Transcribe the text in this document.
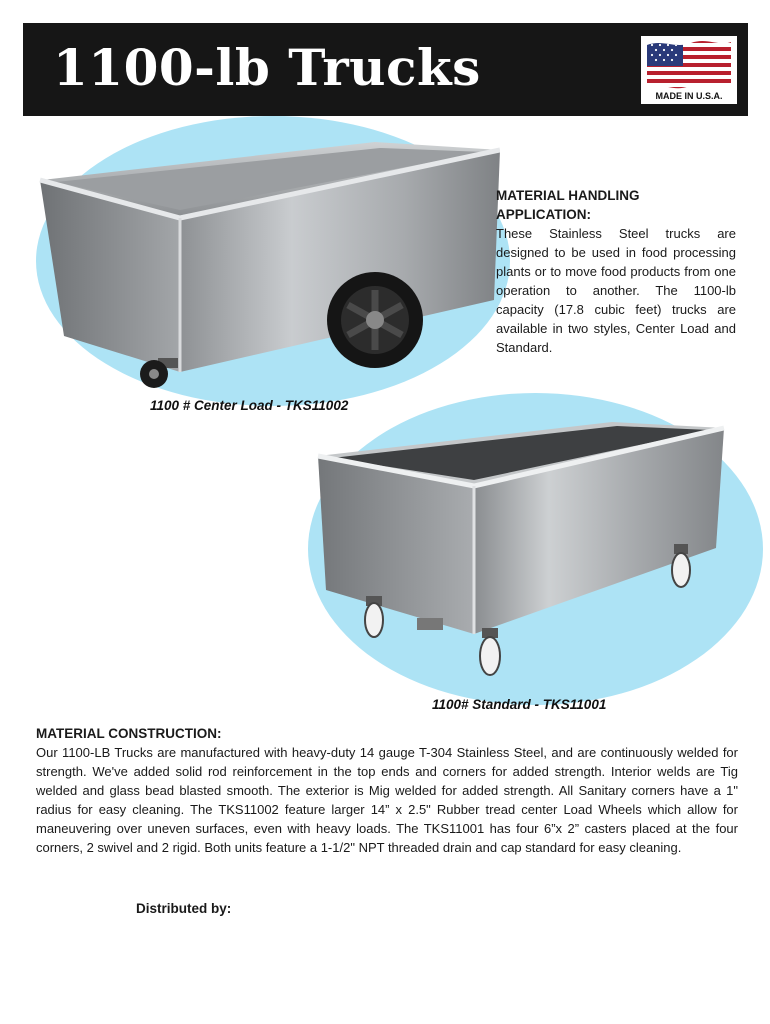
1100-lb Trucks	MADE IN U.S.A.
1100 # Center Load - TKS11002
1100# Standard - TKS11001
MATERIAL HANDLING APPLICATION:

These Stainless Steel trucks are designed to be used in food processing plants or to move food products from one operation to another. The 1100-lb capacity (17.8 cubic feet) trucks are available in two styles, Center Load and Standard.

MATERIAL CONSTRUCTION:

Our 1100-LB Trucks are manufactured with heavy-duty 14 gauge T-304 Stainless Steel, and are continuously welded for strength. We've added solid rod reinforcement in the top ends and corners for added strength. Interior welds are Tig welded and glass bead blasted smooth. The exterior is Mig welded for added strength. All Sanitary corners have a 1" radius for easy cleaning. The TKS11002 feature larger 14” x 2.5" Rubber tread center Load Wheels which allow for maneuvering over uneven surfaces, even with heavy loads. The TKS11001 has four 6”x 2” casters placed at the four corners, 2 swivel and 2 rigid. Both units feature a 1-1/2" NPT threaded drain and cap standard for easy cleaning.

Distributed by:
